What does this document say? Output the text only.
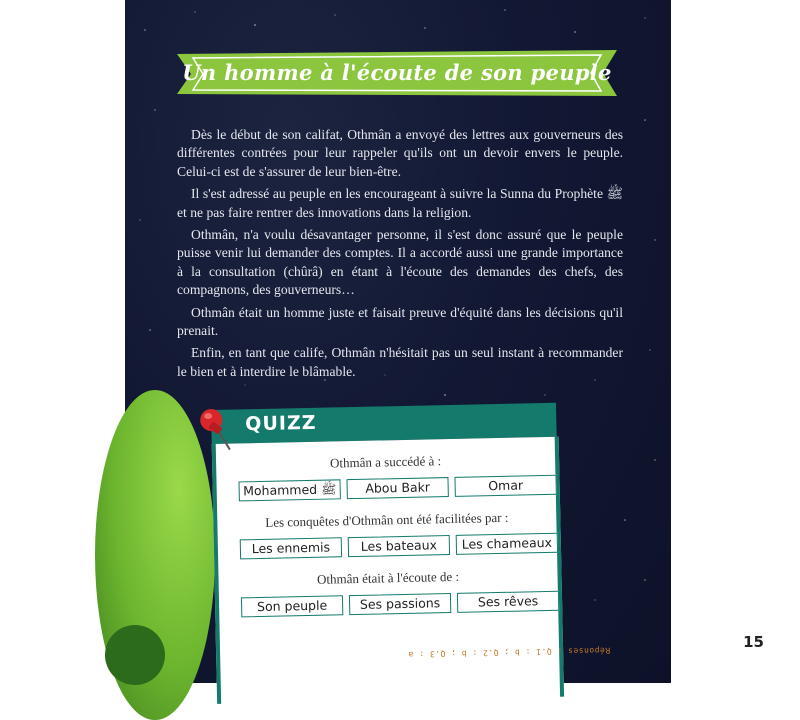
Un homme à l'écoute de son peuple

Dès le début de son califat, Othmân a envoyé des lettres aux gouverneurs des différentes contrées pour leur rappeler qu'ils ont un devoir envers le peuple. Celui-ci est de s'assurer de leur bien-être.

Il s'est adressé au peuple en les encourageant à suivre la Sunna du Prophète ﷺ et ne pas faire rentrer des innovations dans la religion.

Othmân, n'a voulu désavantager personne, il s'est donc assuré que le peuple puisse venir lui demander des comptes. Il a accordé aussi une grande importance à la consultation (chûrâ) en étant à l'écoute des demandes des chefs, des compagnons, des gouverneurs…

Othmân était un homme juste et faisait preuve d'équité dans les décisions qu'il prenait.

Enfin, en tant que calife, Othmân n'hésitait pas un seul instant à recommander le bien et à interdire le blâmable.

QUIZZ
Othmân a succédé à :
Mohammed ﷺ	Abou Bakr	Omar
Les conquêtes d'Othmân ont été facilitées par :
Les ennemis	Les bateaux	Les chameaux
Othmân était à l'écoute de :
Son peuple	Ses passions	Ses rêves
Réponses : Q.1 : b ; Q.2 : b ; Q.3 : a
15
